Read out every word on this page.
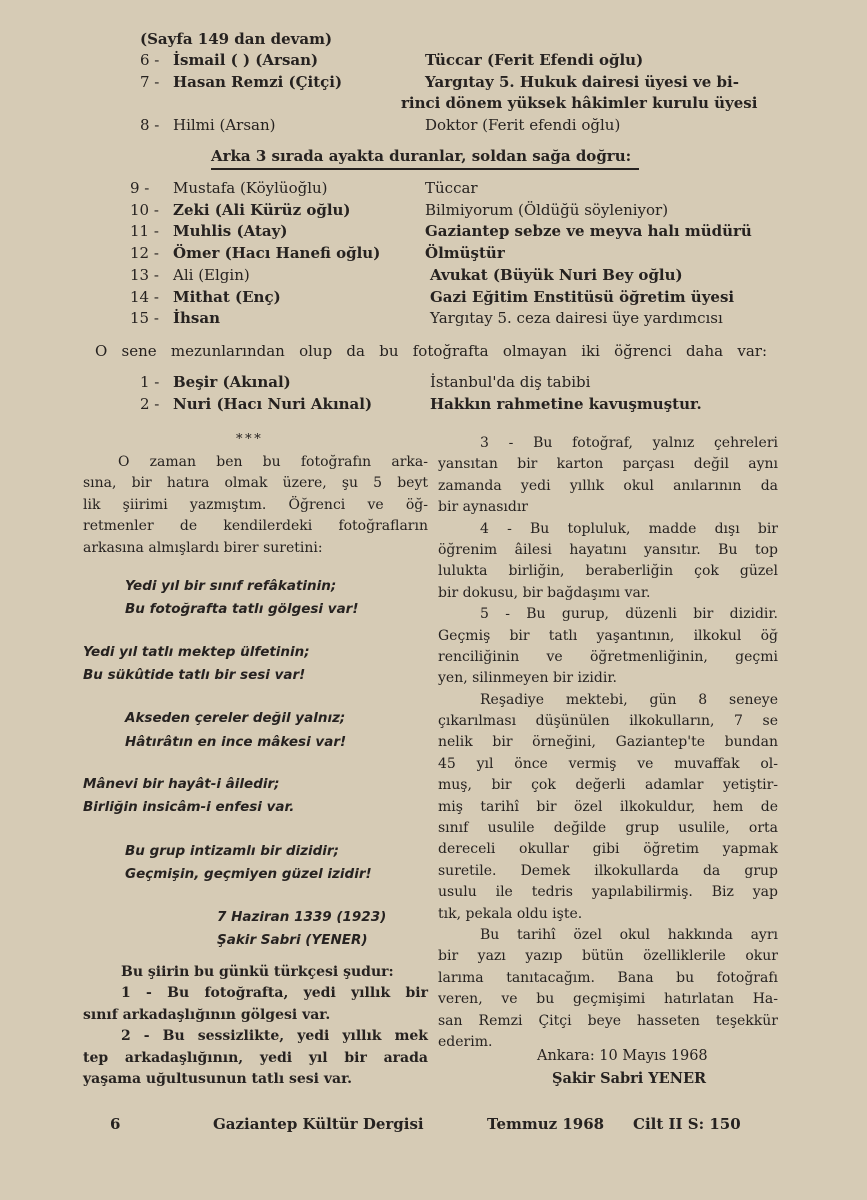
(Sayfa 149 dan devam)
6 - İsmail ( ) (Arsan)	Tüccar (Ferit Efendi oğlu)
7 - Hasan Remzi (Çitçi)	Yargıtay 5. Hukuk dairesi üyesi ve bi-
rinci dönem yüksek hâkimler kurulu üyesi
8 - Hilmi (Arsan)	Doktor (Ferit efendi oğlu)
Arka 3 sırada ayakta duranlar, soldan sağa doğru:
9 - Mustafa (Köylüoğlu)	Tüccar
10 - Zeki (Ali Kürüz oğlu)	Bilmiyorum (Öldüğü söyleniyor)
11 - Muhlis (Atay)	Gaziantep sebze ve meyva halı müdürü
12 - Ömer (Hacı Hanefi oğlu)	Ölmüştür
13 - Ali (Elgin)	Avukat (Büyük Nuri Bey oğlu)
14 - Mithat (Enç)	Gazi Eğitim Enstitüsü öğretim üyesi
15 - İhsan	Yargıtay 5. ceza dairesi üye yardımcısı
O sene mezunlarından olup da bu fotoğrafta olmayan iki öğrenci daha var:
1 - Beşir (Akınal)	İstanbul'da diş tabibi
2 - Nuri (Hacı Nuri Akınal)	Hakkın rahmetine kavuşmuştur.
* * *
O zaman ben bu fotoğrafın arka-
sına, bir hatıra olmak üzere, şu 5 beyt
lik şiirimi yazmıştım. Öğrenci ve öğ-
retmenler de kendilerdeki fotoğrafların
arkasına almışlardı birer suretini:
Yedi yıl bir sınıf refâkatinin;
Bu fotoğrafta tatlı gölgesi var!
Yedi yıl tatlı mektep ülfetinin;
Bu sükûtide tatlı bir sesi var!
Akseden çereler değil yalnız;
Hâtırâtın en ince mâkesi var!
Mânevi bir hayât-i âiledir;
Birliğin insicâm-i enfesi var.
Bu grup intizamlı bir dizidir;
Geçmişin, geçmiyen güzel izidir!
7 Haziran 1339 (1923)
Şakir Sabri (YENER)
Bu şiirin bu günkü türkçesi şudur:
1 - Bu fotoğrafta, yedi yıllık bir
sınıf arkadaşlığının gölgesi var.
2 - Bu sessizlikte, yedi yıllık mek
tep arkadaşlığının, yedi yıl bir arada
yaşama uğultusunun tatlı sesi var.
3 - Bu fotoğraf, yalnız çehreleri
yansıtan bir karton parçası değil aynı
zamanda yedi yıllık okul anılarının da
bir aynasıdır
4 - Bu topluluk, madde dışı bir
öğrenim âilesi hayatını yansıtır. Bu top
lulukta birliğin, beraberliğin çok güzel
bir dokusu, bir bağdaşımı var.
5 - Bu gurup, düzenli bir dizidir.
Geçmiş bir tatlı yaşantının, ilkokul öğ
renciliğinin ve öğretmenliğinin, geçmi
yen, silinmeyen bir izidir.
Reşadiye mektebi, gün 8 seneye
çıkarılması düşünülen ilkokulların, 7 se
nelik bir örneğini, Gaziantep'te bundan
45 yıl önce vermiş ve muvaffak ol-
muş, bir çok değerli adamlar yetiştir-
miş tarihî bir özel ilkokuldur, hem de
sınıf usulile değilde grup usulile, orta
dereceli okullar gibi öğretim yapmak
suretile. Demek ilkokullarda da grup
usulu ile tedris yapılabilirmiş. Biz yap
tık, pekala oldu işte.
Bu tarihî özel okul hakkında ayrı
bir yazı yazıp bütün özelliklerile okur
larıma tanıtacağım. Bana bu fotoğrafı
veren, ve bu geçmişimi hatırlatan Ha-
san Remzi Çitçi beye hasseten teşekkür
ederim.
Ankara: 10 Mayıs 1968
Şakir Sabri YENER
6	Gaziantep Kültür Dergisi	Temmuz 1968 Cilt II S: 150
